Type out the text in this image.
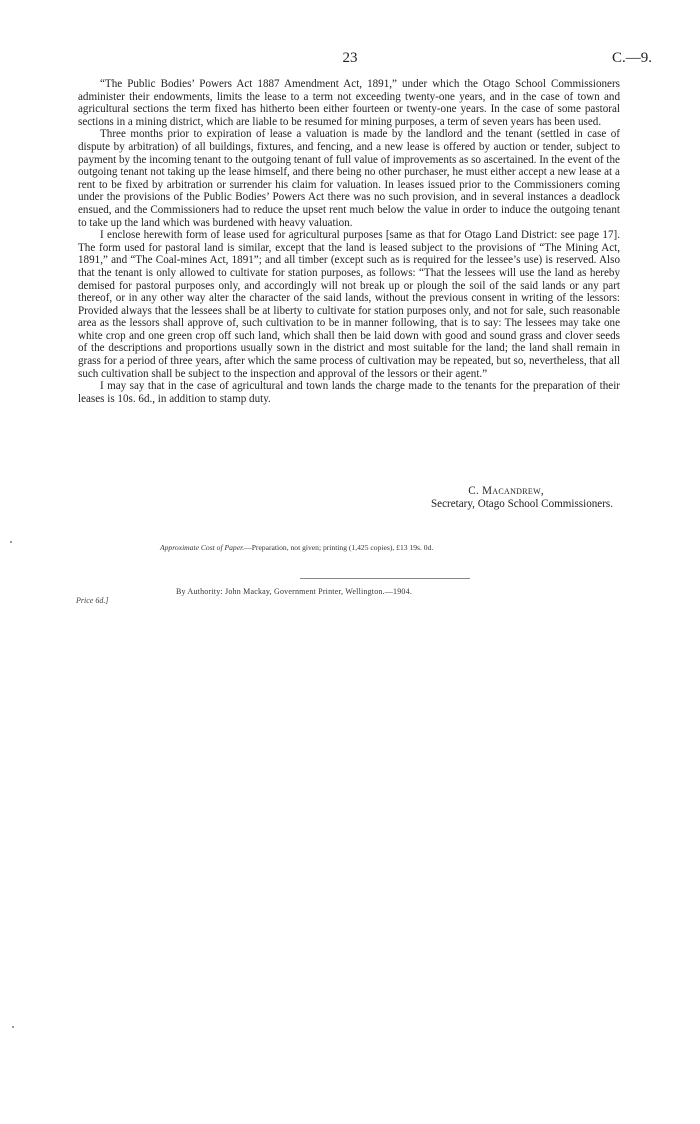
23	C.—9.

“The Public Bodies’ Powers Act 1887 Amendment Act, 1891,” under which the Otago School Commissioners administer their endowments, limits the lease to a term not exceeding twenty-one years, and in the case of town and agricultural sections the term fixed has hitherto been either fourteen or twenty-one years. In the case of some pastoral sections in a mining district, which are liable to be resumed for mining purposes, a term of seven years has been used.

Three months prior to expiration of lease a valuation is made by the landlord and the tenant (settled in case of dispute by arbitration) of all buildings, fixtures, and fencing, and a new lease is offered by auction or tender, subject to payment by the incoming tenant to the outgoing tenant of full value of improvements as so ascertained. In the event of the outgoing tenant not taking up the lease himself, and there being no other purchaser, he must either accept a new lease at a rent to be fixed by arbitration or surrender his claim for valuation. In leases issued prior to the Commissioners coming under the provisions of the Public Bodies’ Powers Act there was no such provision, and in several instances a deadlock ensued, and the Commissioners had to reduce the upset rent much below the value in order to induce the outgoing tenant to take up the land which was burdened with heavy valuation.

I enclose herewith form of lease used for agricultural purposes [same as that for Otago Land District: see page 17]. The form used for pastoral land is similar, except that the land is leased subject to the provisions of “The Mining Act, 1891,” and “The Coal-mines Act, 1891”; and all timber (except such as is required for the lessee’s use) is reserved. Also that the tenant is only allowed to cultivate for station purposes, as follows: “That the lessees will use the land as hereby demised for pastoral purposes only, and accordingly will not break up or plough the soil of the said lands or any part thereof, or in any other way alter the character of the said lands, without the previous consent in writing of the lessors: Provided always that the lessees shall be at liberty to cultivate for station purposes only, and not for sale, such reasonable area as the lessors shall approve of, such cultivation to be in manner following, that is to say: The lessees may take one white crop and one green crop off such land, which shall then be laid down with good and sound grass and clover seeds of the descriptions and proportions usually sown in the district and most suitable for the land; the land shall remain in grass for a period of three years, after which the same process of cultivation may be repeated, but so, nevertheless, that all such cultivation shall be subject to the inspection and approval of the lessors or their agent.”

I may say that in the case of agricultural and town lands the charge made to the tenants for the preparation of their leases is 10s. 6d., in addition to stamp duty.

C. Macandrew,
Secretary, Otago School Commissioners.
Approximate Cost of Paper.—Preparation, not given; printing (1,425 copies), £13 19s. 0d.
By Authority: John Mackay, Government Printer, Wellington.—1904.
Price 6d.]
